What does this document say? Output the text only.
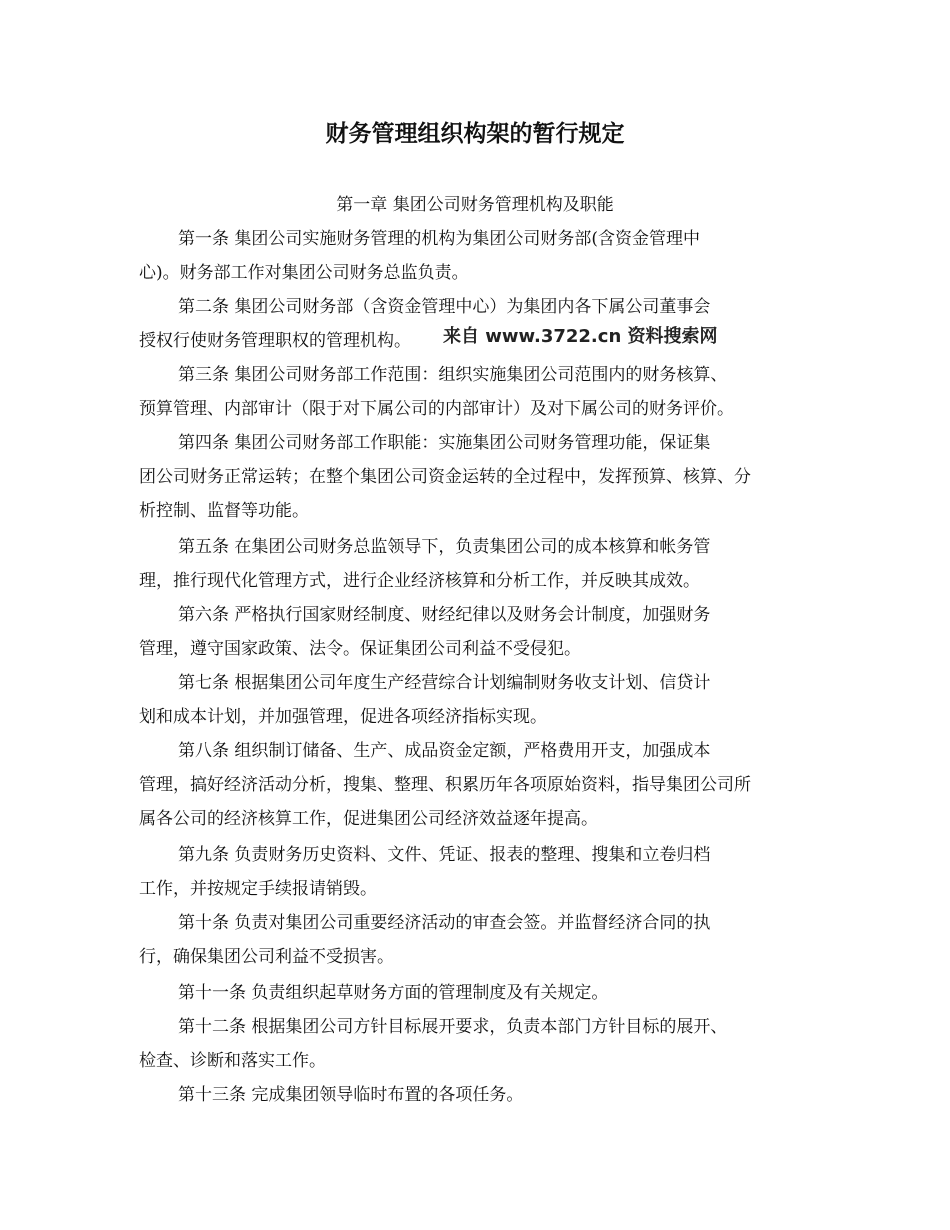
财务管理组织构架的暂行规定

第一章 集团公司财务管理机构及职能

第一条 集团公司实施财务管理的机构为集团公司财务部(含资金管理中

心)。财务部工作对集团公司财务总监负责。

第二条 集团公司财务部（含资金管理中心）为集团内各下属公司董事会

授权行使财务管理职权的管理机构。

第三条 集团公司财务部工作范围：组织实施集团公司范围内的财务核算、

预算管理、内部审计（限于对下属公司的内部审计）及对下属公司的财务评价。

第四条 集团公司财务部工作职能：实施集团公司财务管理功能，保证集

团公司财务正常运转；在整个集团公司资金运转的全过程中，发挥预算、核算、分

析控制、监督等功能。

第五条 在集团公司财务总监领导下，负责集团公司的成本核算和帐务管

理，推行现代化管理方式，进行企业经济核算和分析工作，并反映其成效。

第六条 严格执行国家财经制度、财经纪律以及财务会计制度，加强财务

管理，遵守国家政策、法令。保证集团公司利益不受侵犯。

第七条 根据集团公司年度生产经营综合计划编制财务收支计划、信贷计

划和成本计划，并加强管理，促进各项经济指标实现。

第八条 组织制订储备、生产、成品资金定额，严格费用开支，加强成本

管理，搞好经济活动分析，搜集、整理、积累历年各项原始资料，指导集团公司所

属各公司的经济核算工作，促进集团公司经济效益逐年提高。

第九条 负责财务历史资料、文件、凭证、报表的整理、搜集和立卷归档

工作，并按规定手续报请销毁。

第十条 负责对集团公司重要经济活动的审查会签。并监督经济合同的执

行，确保集团公司利益不受损害。

第十一条 负责组织起草财务方面的管理制度及有关规定。

第十二条 根据集团公司方针目标展开要求，负责本部门方针目标的展开、

检查、诊断和落实工作。

第十三条 完成集团领导临时布置的各项任务。

来自 www.3722.cn 资料搜索网
